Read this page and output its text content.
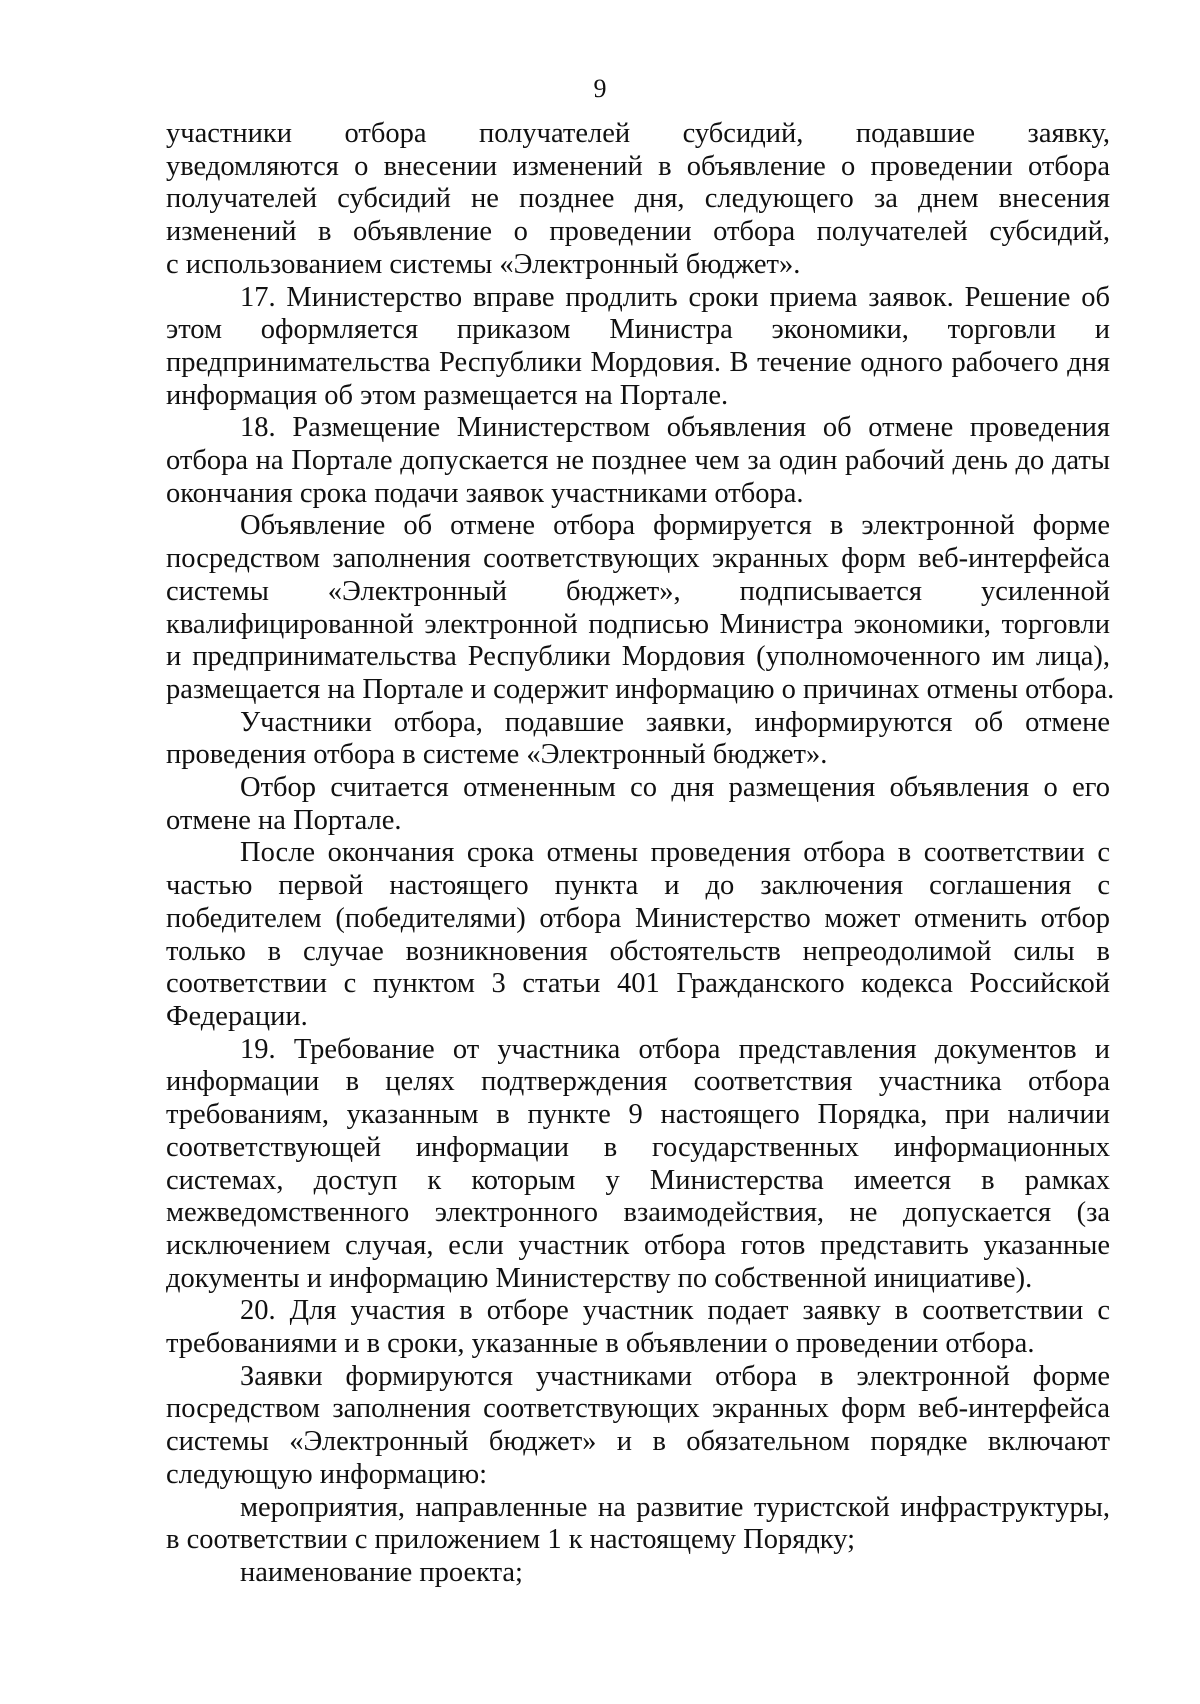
9
участники отбора получателей субсидий, подавшие заявку,
уведомляются о внесении изменений в объявление о проведении отбора
получателей субсидий не позднее дня, следующего за днем внесения
изменений в объявление о проведении отбора получателей субсидий,
с использованием системы «Электронный бюджет».
17. Министерство вправе продлить сроки приема заявок. Решение об
этом оформляется приказом Министра экономики, торговли и
предпринимательства Республики Мордовия. В течение одного рабочего дня
информация об этом размещается на Портале.
18. Размещение Министерством объявления об отмене проведения
отбора на Портале допускается не позднее чем за один рабочий день до даты
окончания срока подачи заявок участниками отбора.
Объявление об отмене отбора формируется в электронной форме
посредством заполнения соответствующих экранных форм веб-интерфейса
системы «Электронный бюджет», подписывается усиленной
квалифицированной электронной подписью Министра экономики, торговли
и предпринимательства Республики Мордовия (уполномоченного им лица),
размещается на Портале и содержит информацию о причинах отмены отбора.
Участники отбора, подавшие заявки, информируются об отмене
проведения отбора в системе «Электронный бюджет».
Отбор считается отмененным со дня размещения объявления о его
отмене на Портале.
После окончания срока отмены проведения отбора в соответствии с
частью первой настоящего пункта и до заключения соглашения с
победителем (победителями) отбора Министерство может отменить отбор
только в случае возникновения обстоятельств непреодолимой силы в
соответствии с пунктом 3 статьи 401 Гражданского кодекса Российской
Федерации.
19. Требование от участника отбора представления документов и
информации в целях подтверждения соответствия участника отбора
требованиям, указанным в пункте 9 настоящего Порядка, при наличии
соответствующей информации в государственных информационных
системах, доступ к которым у Министерства имеется в рамках
межведомственного электронного взаимодействия, не допускается (за
исключением случая, если участник отбора готов представить указанные
документы и информацию Министерству по собственной инициативе).
20. Для участия в отборе участник подает заявку в соответствии с
требованиями и в сроки, указанные в объявлении о проведении отбора.
Заявки формируются участниками отбора в электронной форме
посредством заполнения соответствующих экранных форм веб-интерфейса
системы «Электронный бюджет» и в обязательном порядке включают
следующую информацию:
мероприятия, направленные на развитие туристской инфраструктуры,
в соответствии с приложением 1 к настоящему Порядку;
наименование проекта;
